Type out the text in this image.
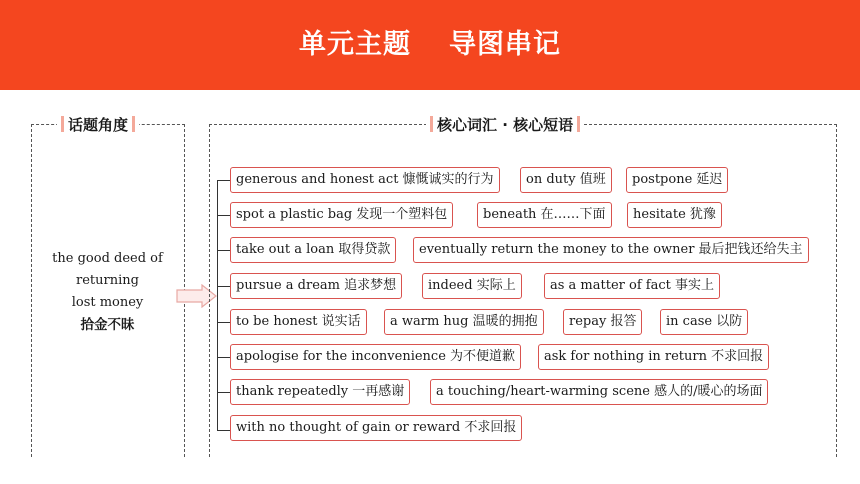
单元主题 导图串记
话题角度
the good deed of
returning
lost money
拾金不昧
核心词汇 · 核心短语
generous and honest act 慷慨诚实的行为	on duty 值班	postpone 延迟
spot a plastic bag 发现一个塑料包	beneath 在……下面	hesitate 犹豫
take out a loan 取得贷款	eventually return the money to the owner 最后把钱还给失主
pursue a dream 追求梦想	indeed 实际上	as a matter of fact 事实上
to be honest 说实话	a warm hug 温暖的拥抱	repay 报答	in case 以防
apologise for the inconvenience 为不便道歉	ask for nothing in return 不求回报
thank repeatedly 一再感谢	a touching/heart-warming scene 感人的/暖心的场面
with no thought of gain or reward 不求回报
